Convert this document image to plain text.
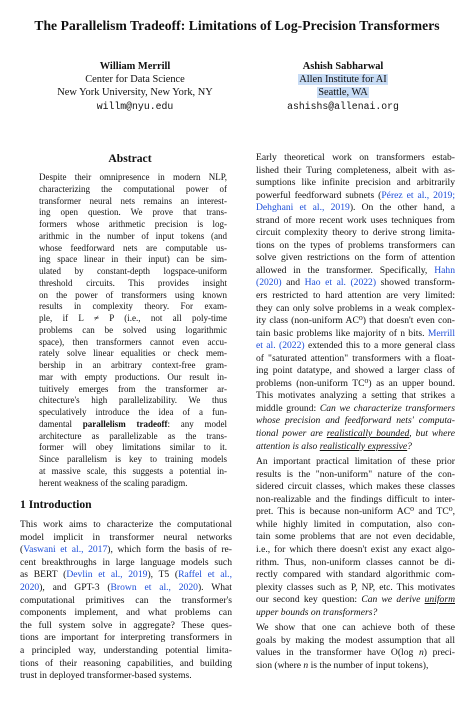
The Parallelism Tradeoff: Limitations of Log-Precision Transformers
William Merrill
Center for Data Science
New York University, New York, NY
willm@nyu.edu
Ashish Sabharwal
Allen Institute for AI
Seattle, WA
ashishs@allenai.org
Abstract
Despite their omnipresence in modern NLP,
characterizing the computational power of
transformer neural nets remains an interest-
ing open question. We prove that trans-
formers whose arithmetic precision is log-
arithmic in the number of input tokens (and
whose feedforward nets are computable us-
ing space linear in their input) can be sim-
ulated by constant-depth logspace-uniform
threshold circuits. This provides insight
on the power of transformers using known
results in complexity theory. For exam-
ple, if L ≠ P (i.e., not all poly-time
problems can be solved using logarithmic
space), then transformers cannot even accu-
rately solve linear equalities or check mem-
bership in an arbitrary context-free gram-
mar with empty productions. Our result in-
tuitively emerges from the transformer ar-
chitecture's high parallelizability. We thus
speculatively introduce the idea of a fun-
damental parallelism tradeoff: any model
architecture as parallelizable as the trans-
former will obey limitations similar to it.
Since parallelism is key to training models
at massive scale, this suggests a potential in-
herent weakness of the scaling paradigm.
1 Introduction
This work aims to characterize the computational
model implicit in transformer neural networks
(Vaswani et al., 2017), which form the basis of re-
cent breakthroughs in large language models such
as BERT (Devlin et al., 2019), T5 (Raffel et al.,
2020), and GPT-3 (Brown et al., 2020). What
computational primitives can the transformer's
components implement, and what problems can
the full system solve in aggregate? These ques-
tions are important for interpreting transformers in
a principled way, understanding potential limita-
tions of their reasoning capabilities, and building
trust in deployed transformer-based systems.

Early theoretical work on transformers estab-
lished their Turing completeness, albeit with as-
sumptions like infinite precision and arbitrarily
powerful feedforward subnets (Pérez et al., 2019;
Dehghani et al., 2019). On the other hand, a
strand of more recent work uses techniques from
circuit complexity theory to derive strong limita-
tions on the types of problems transformers can
solve given restrictions on the form of attention
allowed in the transformer. Specifically, Hahn
(2020) and Hao et al. (2022) showed transform-
ers restricted to hard attention are very limited:
they can only solve problems in a weak complex-
ity class (non-uniform AC⁰) that doesn't even con-
tain basic problems like majority of n bits. Merrill
et al. (2022) extended this to a more general class
of "saturated attention" transformers with a float-
ing point datatype, and showed a larger class of
problems (non-uniform TC⁰) as an upper bound.
This motivates analyzing a setting that strikes a
middle ground: Can we characterize transformers
whose precision and feedforward nets' computa-
tional power are realistically bounded, but where
attention is also realistically expressive?

An important practical limitation of these prior
results is the "non-uniform" nature of the con-
sidered circuit classes, which makes these classes
non-realizable and the findings difficult to inter-
pret. This is because non-uniform AC⁰ and TC⁰,
while highly limited in computation, also con-
tain some problems that are not even decidable,
i.e., for which there doesn't exist any exact algo-
rithm. Thus, non-uniform classes cannot be di-
rectly compared with standard algorithmic com-
plexity classes such as P, NP, etc. This motivates
our second key question: Can we derive uniform
upper bounds on transformers?

We show that one can achieve both of these
goals by making the modest assumption that all
values in the transformer have O(log n) preci-
sion (where n is the number of input tokens),
